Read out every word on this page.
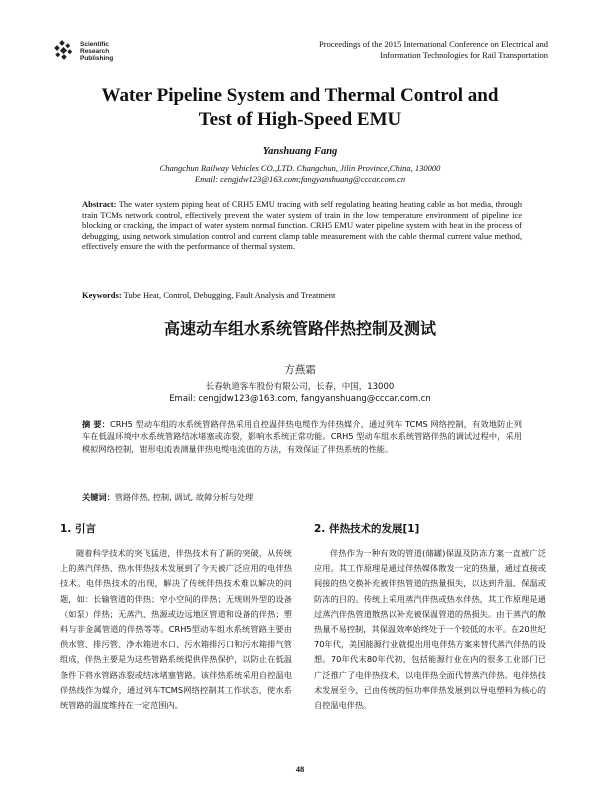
Scientific
Research
Publishing
Proceedings of the 2015 International Conference on Electrical and
Information Technologies for Rail Transportation
Water Pipeline System and Thermal Control and
Test of High-Speed EMU
Yanshuang Fang
Changchun Railway Vehicles CO.,LTD. Changchun, Jilin Province,China, 130000
Email: cengjdw123@163.com;fangyanshuang@cccar.com.cn
Abstract: The water system piping heat of CRH5 EMU tracing with self regulating heating heating cable as hot media, through train TCMs network control, effectively prevent the water system of train in the low temperature environment of pipeline ice blocking or cracking, the impact of water system normal function. CRH5 EMU water pipeline system with heat in the process of debugging, using network simulation control and current clamp table measurement with the cable thermal current value method, effectively ensure the with the performance of thermal system.
Keywords: Tube Heat, Control, Debugging, Fault Analysis and Treatment
高速动车组水系统管路伴热控制及测试
方燕霜
长春轨道客车股份有限公司，长春，中国，13000
Email: cengjdw123@163.com, fangyanshuang@cccar.com.cn
摘 要：CRH5 型动车组的水系统管路伴热采用自控温伴热电缆作为伴热媒介，通过列车 TCMS 网络控制，有效地防止列车在低温环境中水系统管路结冰堵塞或冻裂，影响水系统正常功能。CRH5 型动车组水系统管路伴热的调试过程中，采用模拟网络控制，钳形电流表测量伴热电缆电流值的方法，有效保证了伴热系统的性能。
关键词：管路伴热, 控制, 调试, 故障分析与处理
1. 引言

随着科学技术的突飞猛进，伴热技术有了新的突破，从传统上的蒸汽伴热、热水伴热技术发展到了今天被广泛应用的电伴热技术。电伴热技术的出现，解决了传统伴热技术难以解决的问题，如：长输管道的伴热；窄小空间的伴热；无规则外型的设备（如泵）伴热；无蒸汽、热源或边远地区管道和设备的伴热；塑料与非金属管道的伴热等等。CRH5型动车组水系统管路主要由供水管、排污管、净水箱进水口、污水箱排污口和污水箱排气管组成，伴热主要是为这些管路系统提供伴热保护，以防止在低温条件下将水管路冻裂或结冰堵塞管路。该伴热系统采用自控温电伴热线作为媒介，通过列车TCMS网络控制其工作状态，使水系统管路的温度维持在一定范围内。

2. 伴热技术的发展[1]

伴热作为一种有效的管道(储罐)保温及防冻方案一直被广泛应用。其工作原理是通过伴热媒体散发一定的热量，通过直接或间接的热交换补充被伴热管道的热量损失，以达到升温、保温或防冻的目的。传统上采用蒸汽伴热或热水伴热，其工作原理是通过蒸汽伴热管道散热以补充被保温管道的热损失。由于蒸汽的散热量不易控制，其保温效率始终处于一个较低的水平。在20世纪70年代，美国能源行业就提出用电伴热方案来替代蒸汽伴热的设想。70年代末80年代初，包括能源行业在内的很多工业部门已广泛推广了电伴热技术，以电伴热全面代替蒸汽伴热。电伴热技术发展至今，已由传统的恒功率伴热发展到以导电塑料为核心的自控温电伴热。

48
